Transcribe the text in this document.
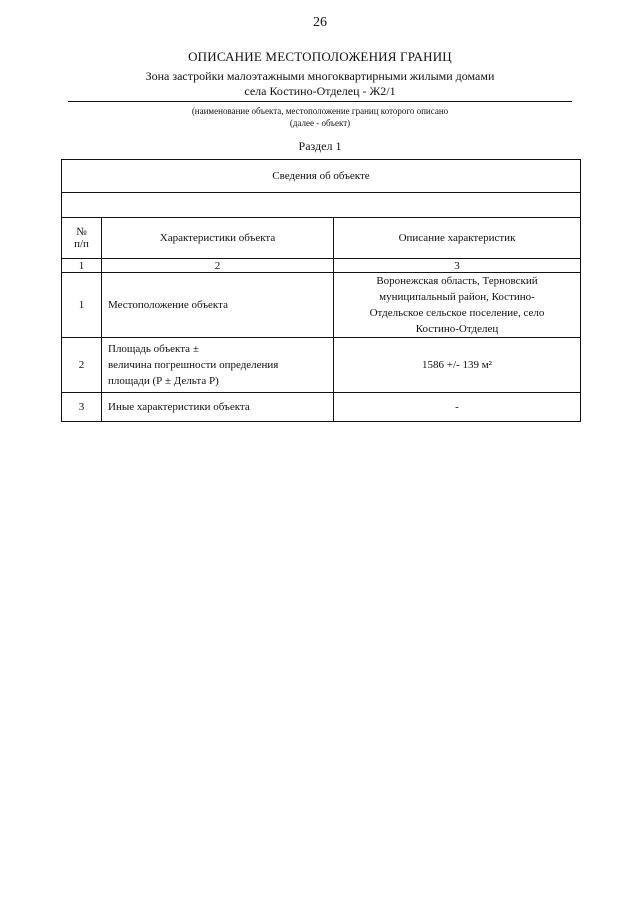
26
ОПИСАНИЕ МЕСТОПОЛОЖЕНИЯ ГРАНИЦ
Зона застройки малоэтажными многоквартирными жилыми домами
села Костино-Отделец - Ж2/1
(наименование объекта, местоположение границ которого описано
(далее - объект)
Раздел 1
Сведения об объекте		

№
п/п	Характеристики объекта	Описание характеристик
1	2	3
1	Местоположение объекта	Воронежская область, Терновский
муниципальный район, Костино-
Отдельское сельское поселение, село
Костино-Отделец

2	Площадь объекта ±
величина погрешности определения
площади (Р ± Дельта Р)	1586 +/- 139 м²
3	Иные характеристики объекта	-
